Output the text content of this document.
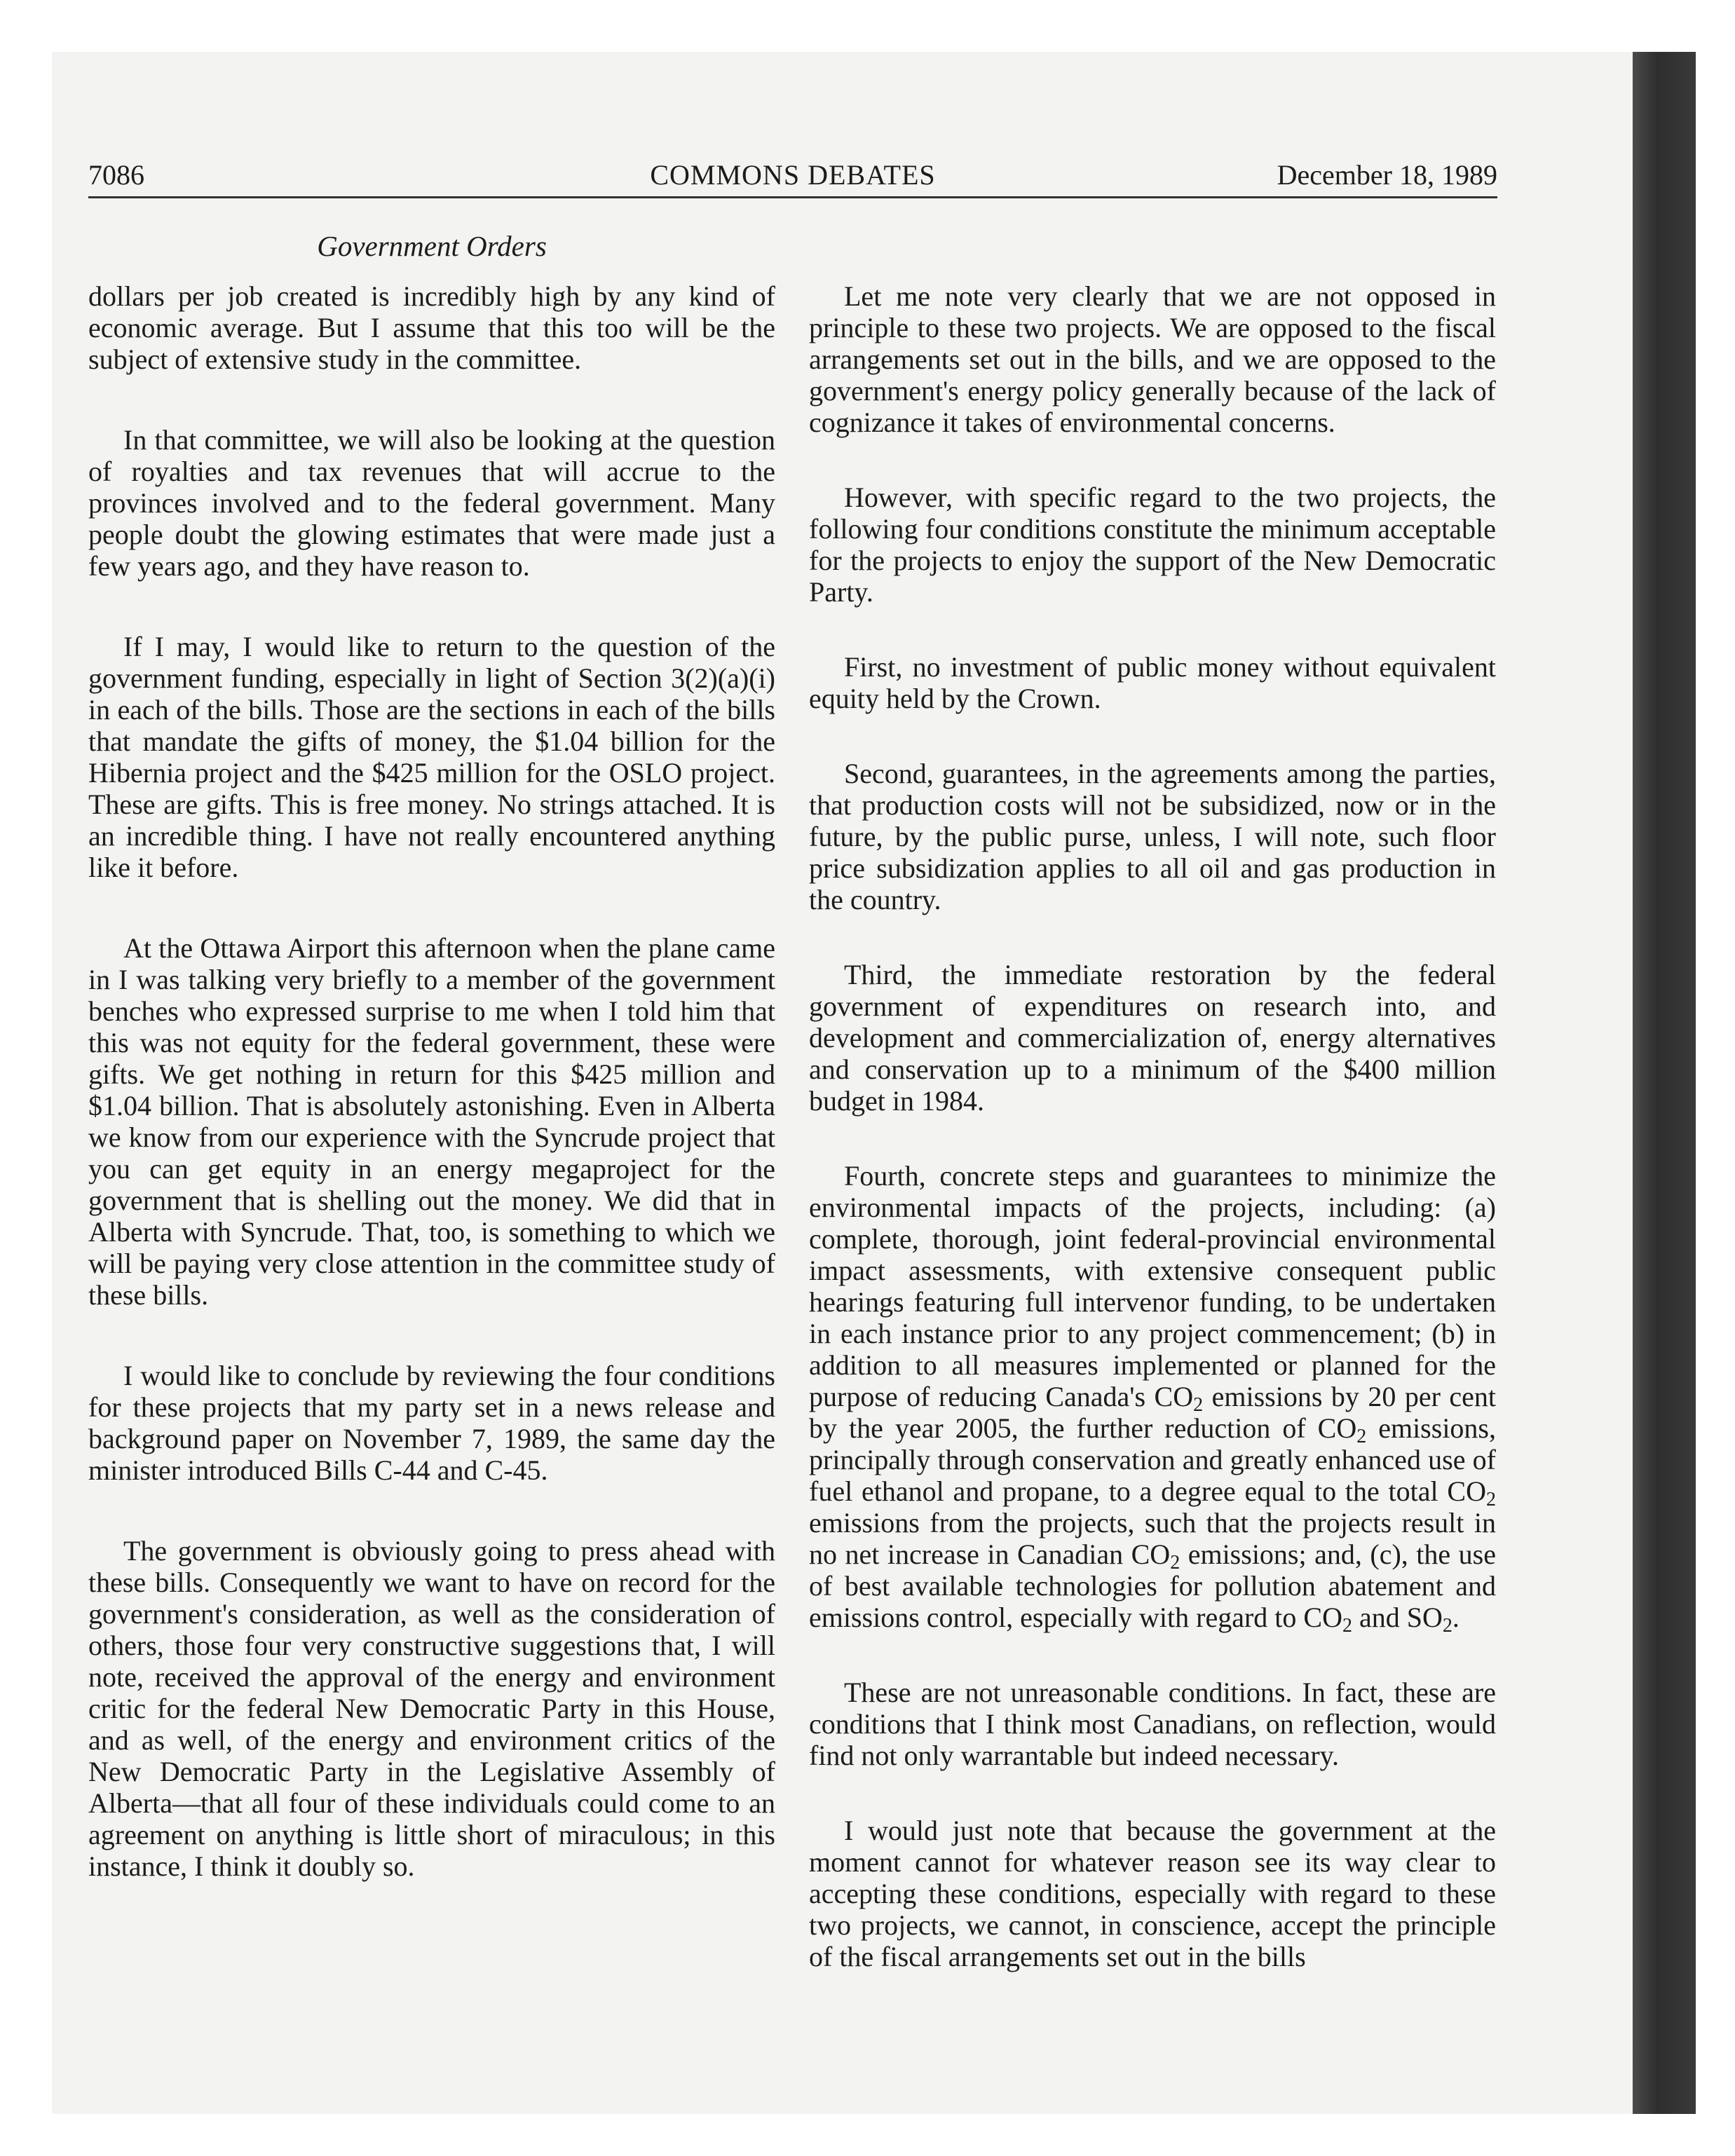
7086	COMMONS DEBATES	December 18, 1989
Government Orders

dollars per job created is incredibly high by any kind of economic average. But I assume that this too will be the subject of extensive study in the committee.

In that committee, we will also be looking at the question of royalties and tax revenues that will accrue to the provinces involved and to the federal government. Many people doubt the glowing estimates that were made just a few years ago, and they have reason to.

If I may, I would like to return to the question of the government funding, especially in light of Section 3(2)(a)(i) in each of the bills. Those are the sections in each of the bills that mandate the gifts of money, the $1.04 billion for the Hibernia project and the $425 million for the OSLO project. These are gifts. This is free money. No strings attached. It is an incredible thing. I have not really encountered anything like it before.

At the Ottawa Airport this afternoon when the plane came in I was talking very briefly to a member of the government benches who expressed surprise to me when I told him that this was not equity for the federal government, these were gifts. We get nothing in return for this $425 million and $1.04 billion. That is absolutely astonishing. Even in Alberta we know from our experience with the Syncrude project that you can get equity in an energy megaproject for the government that is shelling out the money. We did that in Alberta with Syncrude. That, too, is something to which we will be paying very close attention in the committee study of these bills.

I would like to conclude by reviewing the four conditions for these projects that my party set in a news release and background paper on November 7, 1989, the same day the minister introduced Bills C-44 and C-45.

The government is obviously going to press ahead with these bills. Consequently we want to have on record for the government's consideration, as well as the consideration of others, those four very constructive suggestions that, I will note, received the approval of the energy and environment critic for the federal New Democratic Party in this House, and as well, of the energy and environment critics of the New Democratic Party in the Legislative Assembly of Alberta—that all four of these individuals could come to an agreement on anything is little short of miraculous; in this instance, I think it doubly so.

Let me note very clearly that we are not opposed in principle to these two projects. We are opposed to the fiscal arrangements set out in the bills, and we are opposed to the government's energy policy generally because of the lack of cognizance it takes of environmental concerns.

However, with specific regard to the two projects, the following four conditions constitute the minimum acceptable for the projects to enjoy the support of the New Democratic Party.

First, no investment of public money without equivalent equity held by the Crown.

Second, guarantees, in the agreements among the parties, that production costs will not be subsidized, now or in the future, by the public purse, unless, I will note, such floor price subsidization applies to all oil and gas production in the country.

Third, the immediate restoration by the federal government of expenditures on research into, and development and commercialization of, energy alternatives and conservation up to a minimum of the $400 million budget in 1984.

Fourth, concrete steps and guarantees to minimize the environmental impacts of the projects, including: (a) complete, thorough, joint federal-provincial environmental impact assessments, with extensive consequent public hearings featuring full intervenor funding, to be undertaken in each instance prior to any project commencement; (b) in addition to all measures implemented or planned for the purpose of reducing Canada's $CO_2$ emissions by 20 per cent by the year 2005, the further reduction of $CO_2$ emissions, principally through conservation and greatly enhanced use of fuel ethanol and propane, to a degree equal to the total $CO_2$ emissions from the projects, such that the projects result in no net increase in Canadian $CO_2$ emissions; and, (c), the use of best available technologies for pollution abatement and emissions control, especially with regard to $CO_2$ and $SO_2$.

These are not unreasonable conditions. In fact, these are conditions that I think most Canadians, on reflection, would find not only warrantable but indeed necessary.

I would just note that because the government at the moment cannot for whatever reason see its way clear to accepting these conditions, especially with regard to these two projects, we cannot, in conscience, accept the principle of the fiscal arrangements set out in the bills
